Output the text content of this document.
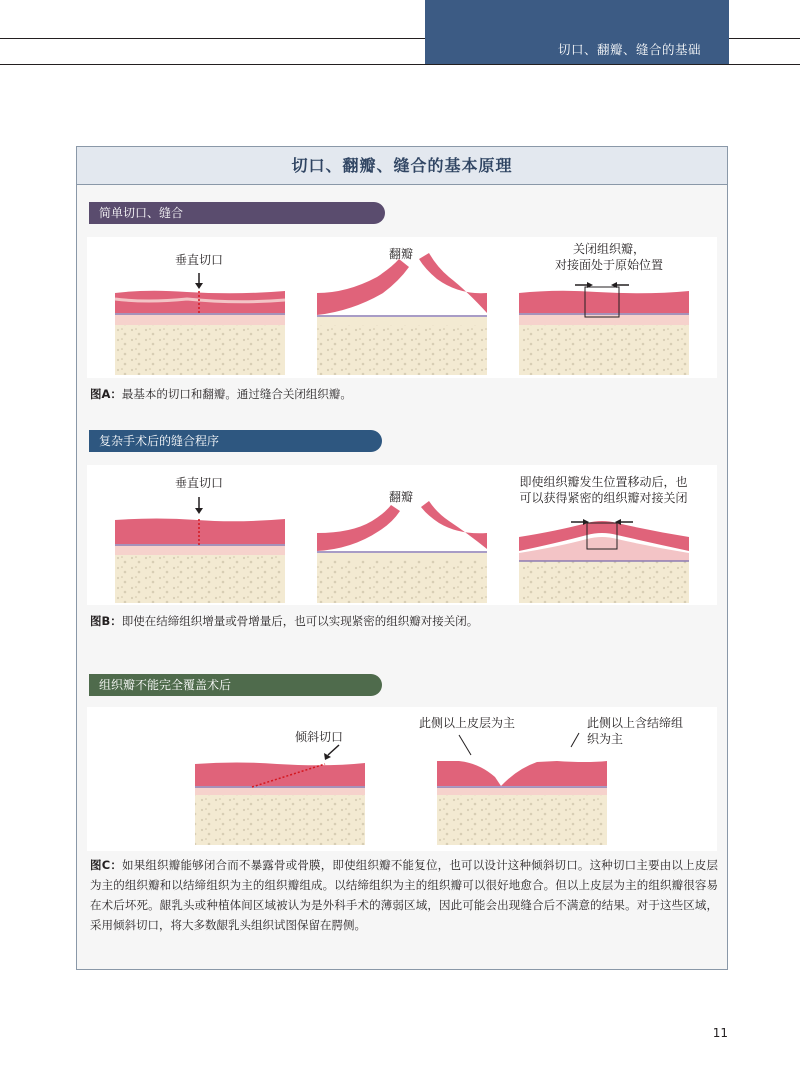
切口、翻瓣、缝合的基础
切口、翻瓣、缝合的基本原理
简单切口、缝合
垂直切口	翻瓣	关闭组织瓣，
对接面处于原始位置
图A：最基本的切口和翻瓣。通过缝合关闭组织瓣。
复杂手术后的缝合程序
垂直切口
翻瓣
即使组织瓣发生位置移动后，也
可以获得紧密的组织瓣对接关闭
图B：即使在结缔组织增量或骨增量后，也可以实现紧密的组织瓣对接关闭。
组织瓣不能完全覆盖术后
倾斜切口
此侧以上皮层为主	此侧以上含结缔组
织为主
图C：如果组织瓣能够闭合而不暴露骨或骨膜，即使组织瓣不能复位，也可以设计这种倾斜切口。这种切口主要由以上皮层为主的组织瓣和以结缔组织为主的组织瓣组成。以结缔组织为主的组织瓣可以很好地愈合。但以上皮层为主的组织瓣很容易在术后坏死。龈乳头或种植体间区域被认为是外科手术的薄弱区域，因此可能会出现缝合后不满意的结果。对于这些区域，采用倾斜切口，将大多数龈乳头组织试图保留在腭侧。
11
